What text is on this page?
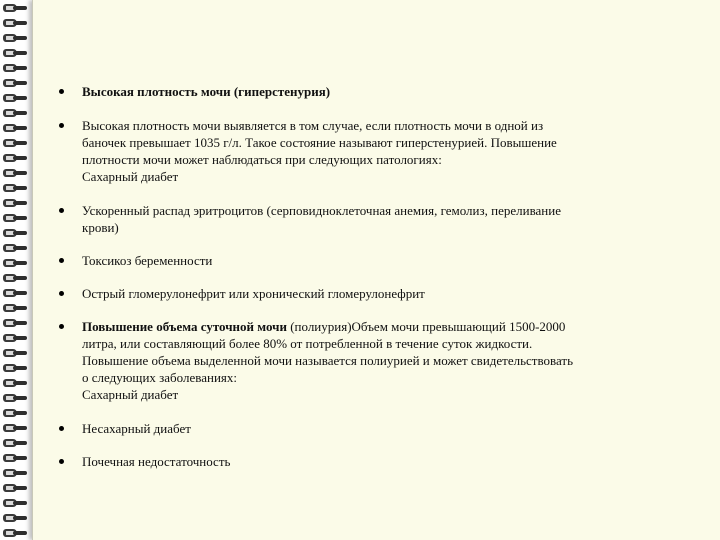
Высокая плотность мочи (гиперстенурия)
Высокая плотность мочи выявляется в том случае, если плотность мочи в одной из
баночек превышает 1035 г/л. Такое состояние называют гиперстенурией. Повышение
плотности мочи может наблюдаться при следующих патологиях:
Сахарный диабет
Ускоренный распад эритроцитов (серповидноклеточная анемия, гемолиз, переливание
крови)
Токсикоз беременности
Острый гломерулонефрит или хронический гломерулонефрит
Повышение объема суточной мочи (полиурия)Объем мочи превышающий 1500-2000
литра, или составляющий более 80% от потребленной в течение суток жидкости.
Повышение объема выделенной мочи называется полиурией и может свидетельствовать
о следующих заболеваниях:
Сахарный диабет
Несахарный диабет
Почечная недостаточность
